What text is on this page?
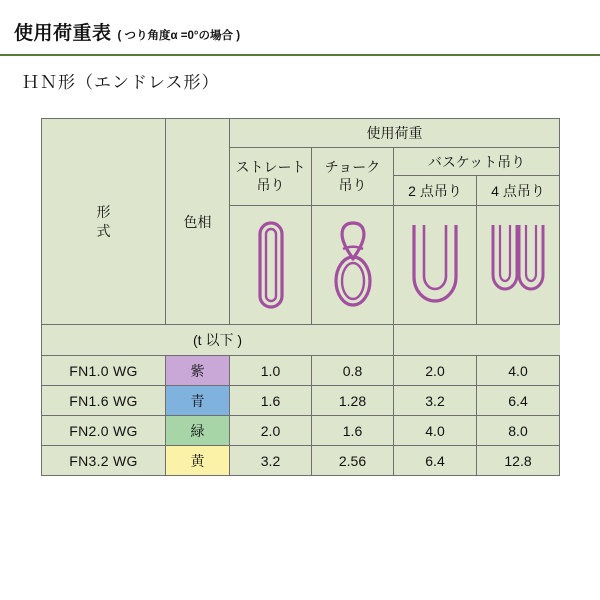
使用荷重表 ( つり角度α =0°の場合 )
ＨＮ形（エンドレス形）
形
式	色相	使用荷重			

ストレート
吊り

チョーク
吊り
	バスケット吊り
				2 点吊り	4 点吊り

(t 以下 )					
FN1.0 WG	紫	1.0	0.8	2.0	4.0
FN1.6 WG	青	1.6	1.28	3.2	6.4
FN2.0 WG	緑	2.0	1.6	4.0	8.0
FN3.2 WG	黄	3.2	2.56	6.4	12.8
